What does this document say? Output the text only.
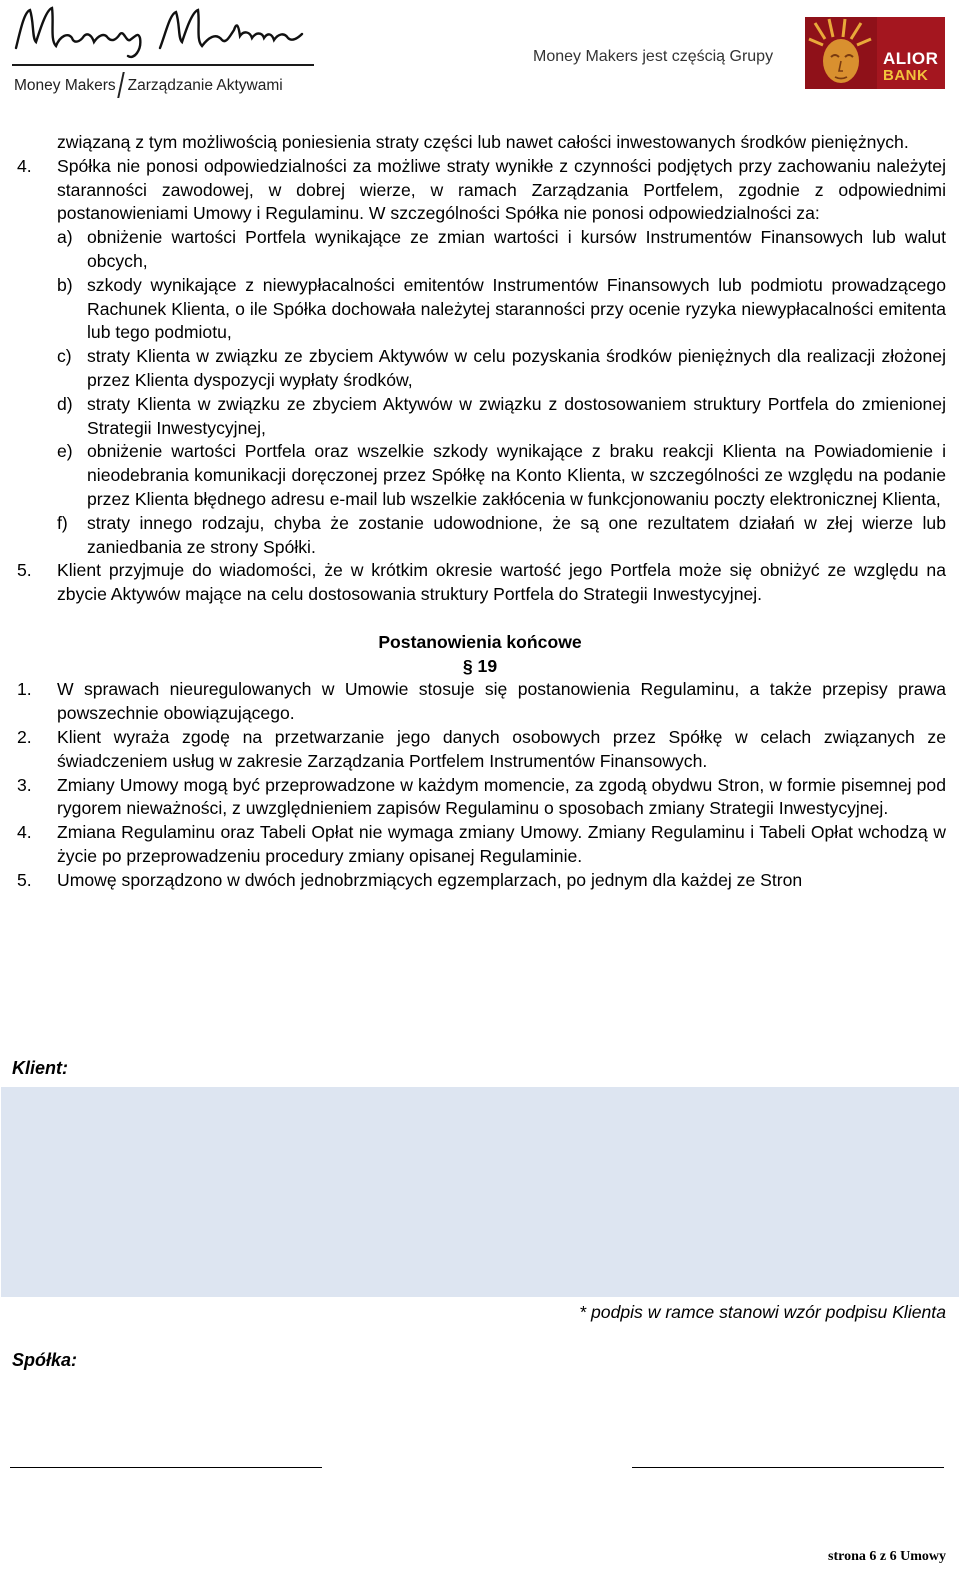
Money Makers Zarządzanie Aktywami
Money Makers jest częścią Grupy	ALIOR
BANK

związaną z tym możliwością poniesienia straty części lub nawet całości inwestowanych środków pieniężnych.

4.	Spółka nie ponosi odpowiedzialności za możliwe straty wynikłe z czynności podjętych przy zachowaniu należytej staranności zawodowej, w dobrej wierze, w ramach Zarządzania Portfelem, zgodnie z odpowiednimi postanowieniami Umowy i Regulaminu. W szczególności Spółka nie ponosi odpowiedzialności za:
a) obniżenie wartości Portfela wynikające ze zmian wartości i kursów Instrumentów Finansowych lub walut obcych,
b) szkody wynikające z niewypłacalności emitentów Instrumentów Finansowych lub podmiotu prowadzącego Rachunek Klienta, o ile Spółka dochowała należytej staranności przy ocenie ryzyka niewypłacalności emitenta lub tego podmiotu,
c) straty Klienta w związku ze zbyciem Aktywów w celu pozyskania środków pieniężnych dla realizacji złożonej przez Klienta dyspozycji wypłaty środków,
d) straty Klienta w związku ze zbyciem Aktywów w związku z dostosowaniem struktury Portfela do zmienionej Strategii Inwestycyjnej,
e) obniżenie wartości Portfela oraz wszelkie szkody wynikające z braku reakcji Klienta na Powiadomienie i nieodebrania komunikacji doręczonej przez Spółkę na Konto Klienta, w szczególności ze względu na podanie przez Klienta błędnego adresu e-mail lub wszelkie zakłócenia w funkcjonowaniu poczty elektronicznej Klienta,
f)	straty innego rodzaju, chyba że zostanie udowodnione, że są one rezultatem działań w złej wierze lub zaniedbania ze strony Spółki.
5.	Klient przyjmuje do wiadomości, że w krótkim okresie wartość jego Portfela może się obniżyć ze względu na zbycie Aktywów mające na celu dostosowania struktury Portfela do Strategii Inwestycyjnej.

Postanowienia końcowe

§ 19

1.	W sprawach nieuregulowanych w Umowie stosuje się postanowienia Regulaminu, a także przepisy prawa powszechnie obowiązującego.
2.	Klient wyraża zgodę na przetwarzanie jego danych osobowych przez Spółkę w celach związanych ze świadczeniem usług w zakresie Zarządzania Portfelem Instrumentów Finansowych.
3.	Zmiany Umowy mogą być przeprowadzone w każdym momencie, za zgodą obydwu Stron, w formie pisemnej pod rygorem nieważności, z uwzględnieniem zapisów Regulaminu o sposobach zmiany Strategii Inwestycyjnej.
4.	Zmiana Regulaminu oraz Tabeli Opłat nie wymaga zmiany Umowy. Zmiany Regulaminu i Tabeli Opłat wchodzą w życie po przeprowadzeniu procedury zmiany opisanej Regulaminie.
5.	Umowę sporządzono w dwóch jednobrzmiących egzemplarzach, po jednym dla każdej ze Stron
Klient:
* podpis w ramce stanowi wzór podpisu Klienta
Spółka:
strona 6 z 6 Umowy
